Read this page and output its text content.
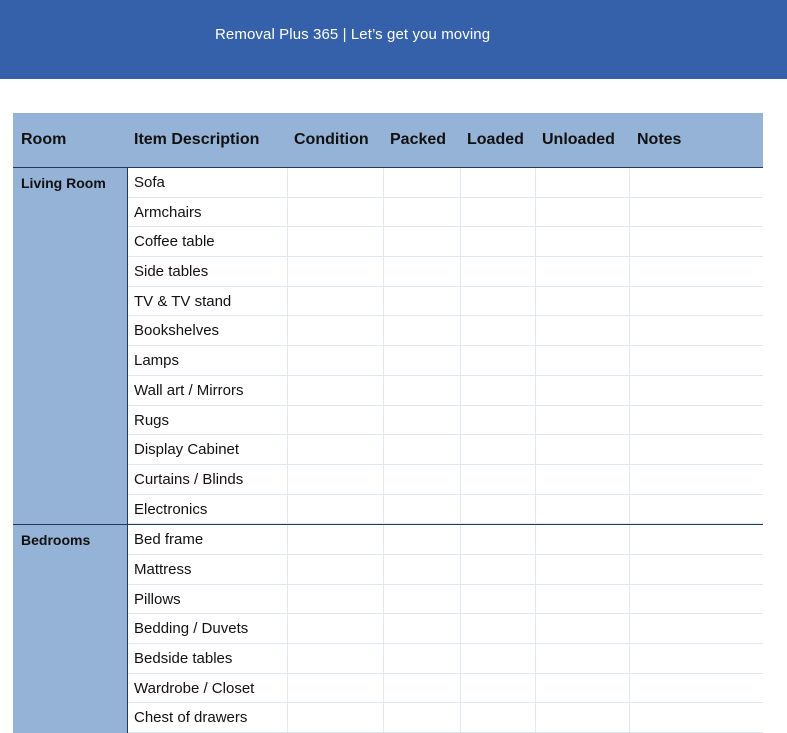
Removal Plus 365 | Let’s get you moving
Room	Item Description Condition Packed Loaded Unloaded Notes
Living Room Sofa
Armchairs
Coffee table
Side tables
TV & TV stand
Bookshelves
Lamps
Wall art / Mirrors
Rugs
Display Cabinet
Curtains / Blinds
Electronics
Bedrooms	Bed frame
Mattress
Pillows
Bedding / Duvets
Bedside tables
Wardrobe / Closet
Chest of drawers
